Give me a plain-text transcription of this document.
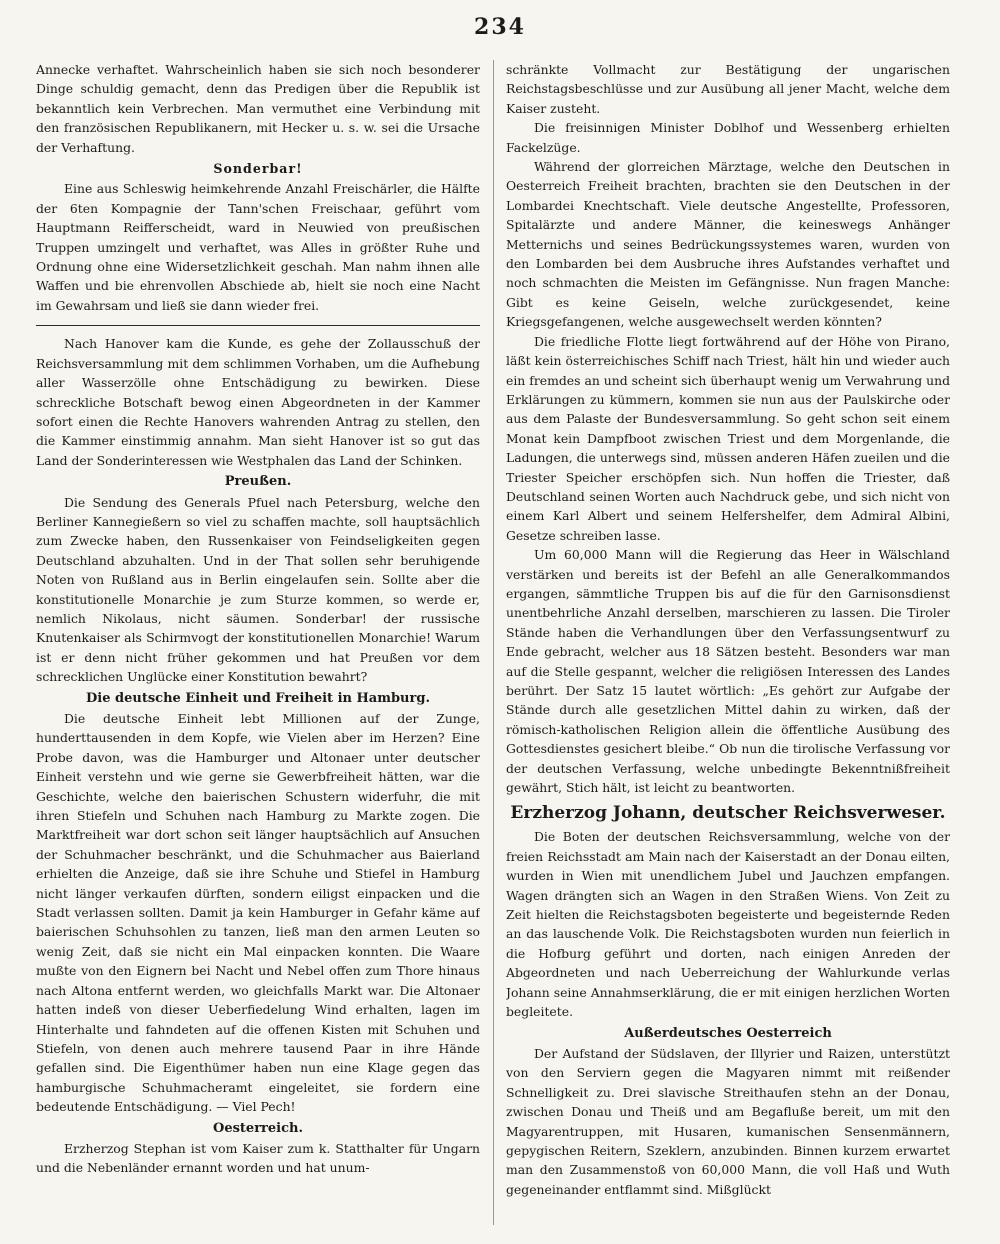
234

Annecke verhaftet. Wahrscheinlich haben sie sich noch besonderer Dinge schuldig gemacht, denn das Predigen über die Republik ist bekanntlich kein Verbrechen. Man vermuthet eine Verbindung mit den französischen Republikanern, mit Hecker u. s. w. sei die Ursache der Verhaftung.

Sonderbar!

Eine aus Schleswig heimkehrende Anzahl Freischärler, die Hälfte der 6ten Kompagnie der Tann'schen Freischaar, geführt vom Hauptmann Reifferscheidt, ward in Neuwied von preußischen Truppen umzingelt und verhaftet, was Alles in größter Ruhe und Ordnung ohne eine Widersetzlichkeit geschah. Man nahm ihnen alle Waffen und bie ehrenvollen Abschiede ab, hielt sie noch eine Nacht im Gewahrsam und ließ sie dann wieder frei.

Nach Hanover kam die Kunde, es gehe der Zollausschuß der Reichsversammlung mit dem schlimmen Vorhaben, um die Aufhebung aller Wasserzölle ohne Entschädigung zu bewirken. Diese schreckliche Botschaft bewog einen Abgeordneten in der Kammer sofort einen die Rechte Hanovers wahrenden Antrag zu stellen, den die Kammer einstimmig annahm. Man sieht Hanover ist so gut das Land der Sonderinteressen wie Westphalen das Land der Schinken.

Preußen.

Die Sendung des Generals Pfuel nach Petersburg, welche den Berliner Kannegießern so viel zu schaffen machte, soll hauptsächlich zum Zwecke haben, den Russenkaiser von Feindseligkeiten gegen Deutschland abzuhalten. Und in der That sollen sehr beruhigende Noten von Rußland aus in Berlin eingelaufen sein. Sollte aber die konstitutionelle Monarchie je zum Sturze kommen, so werde er, nemlich Nikolaus, nicht säumen. Sonderbar! der russische Knutenkaiser als Schirmvogt der konstitutionellen Monarchie! Warum ist er denn nicht früher gekommen und hat Preußen vor dem schrecklichen Unglücke einer Konstitution bewahrt?

Die deutsche Einheit und Freiheit in Hamburg.

Die deutsche Einheit lebt Millionen auf der Zunge, hunderttausenden in dem Kopfe, wie Vielen aber im Herzen? Eine Probe davon, was die Hamburger und Altonaer unter deutscher Einheit verstehn und wie gerne sie Gewerbfreiheit hätten, war die Geschichte, welche den baierischen Schustern widerfuhr, die mit ihren Stiefeln und Schuhen nach Hamburg zu Markte zogen. Die Marktfreiheit war dort schon seit länger hauptsächlich auf Ansuchen der Schuhmacher beschränkt, und die Schuhmacher aus Baierland erhielten die Anzeige, daß sie ihre Schuhe und Stiefel in Hamburg nicht länger verkaufen dürften, sondern eiligst einpacken und die Stadt verlassen sollten. Damit ja kein Hamburger in Gefahr käme auf baierischen Schuhsohlen zu tanzen, ließ man den armen Leuten so wenig Zeit, daß sie nicht ein Mal einpacken konnten. Die Waare mußte von den Eignern bei Nacht und Nebel offen zum Thore hinaus nach Altona entfernt werden, wo gleichfalls Markt war. Die Altonaer hatten indeß von dieser Ueberfiedelung Wind erhalten, lagen im Hinterhalte und fahndeten auf die offenen Kisten mit Schuhen und Stiefeln, von denen auch mehrere tausend Paar in ihre Hände gefallen sind. Die Eigenthümer haben nun eine Klage gegen das hamburgische Schuhmacheramt eingeleitet, sie fordern eine bedeutende Entschädigung. — Viel Pech!

Oesterreich.

Erzherzog Stephan ist vom Kaiser zum k. Statthalter für Ungarn und die Nebenländer ernannt worden und hat unum-

schränkte Vollmacht zur Bestätigung der ungarischen Reichstagsbeschlüsse und zur Ausübung all jener Macht, welche dem Kaiser zusteht.

Die freisinnigen Minister Doblhof und Wessenberg erhielten Fackelzüge.

Während der glorreichen Märztage, welche den Deutschen in Oesterreich Freiheit brachten, brachten sie den Deutschen in der Lombardei Knechtschaft. Viele deutsche Angestellte, Professoren, Spitalärzte und andere Männer, die keineswegs Anhänger Metternichs und seines Bedrückungssystemes waren, wurden von den Lombarden bei dem Ausbruche ihres Aufstandes verhaftet und noch schmachten die Meisten im Gefängnisse. Nun fragen Manche: Gibt es keine Geiseln, welche zurückgesendet, keine Kriegsgefangenen, welche ausgewechselt werden könnten?

Die friedliche Flotte liegt fortwährend auf der Höhe von Pirano, läßt kein österreichisches Schiff nach Triest, hält hin und wieder auch ein fremdes an und scheint sich überhaupt wenig um Verwahrung und Erklärungen zu kümmern, kommen sie nun aus der Paulskirche oder aus dem Palaste der Bundesversammlung. So geht schon seit einem Monat kein Dampfboot zwischen Triest und dem Morgenlande, die Ladungen, die unterwegs sind, müssen anderen Häfen zueilen und die Triester Speicher erschöpfen sich. Nun hoffen die Triester, daß Deutschland seinen Worten auch Nachdruck gebe, und sich nicht von einem Karl Albert und seinem Helfershelfer, dem Admiral Albini, Gesetze schreiben lasse.

Um 60,000 Mann will die Regierung das Heer in Wälschland verstärken und bereits ist der Befehl an alle Generalkommandos ergangen, sämmtliche Truppen bis auf die für den Garnisonsdienst unentbehrliche Anzahl derselben, marschieren zu lassen. Die Tiroler Stände haben die Verhandlungen über den Verfassungsentwurf zu Ende gebracht, welcher aus 18 Sätzen besteht. Besonders war man auf die Stelle gespannt, welcher die religiösen Interessen des Landes berührt. Der Satz 15 lautet wörtlich: „Es gehört zur Aufgabe der Stände durch alle gesetzlichen Mittel dahin zu wirken, daß der römisch-katholischen Religion allein die öffentliche Ausübung des Gottesdienstes gesichert bleibe.“ Ob nun die tirolische Verfassung vor der deutschen Verfassung, welche unbedingte Bekenntnißfreiheit gewährt, Stich hält, ist leicht zu beantworten.

Erzherzog Johann, deutscher Reichsverweser.

Die Boten der deutschen Reichsversammlung, welche von der freien Reichsstadt am Main nach der Kaiserstadt an der Donau eilten, wurden in Wien mit unendlichem Jubel und Jauchzen empfangen. Wagen drängten sich an Wagen in den Straßen Wiens. Von Zeit zu Zeit hielten die Reichstagsboten begeisterte und begeisternde Reden an das lauschende Volk. Die Reichstagsboten wurden nun feierlich in die Hofburg geführt und dorten, nach einigen Anreden der Abgeordneten und nach Ueberreichung der Wahlurkunde verlas Johann seine Annahmserklärung, die er mit einigen herzlichen Worten begleitete.

Außerdeutsches Oesterreich

Der Aufstand der Südslaven, der Illyrier und Raizen, unterstützt von den Serviern gegen die Magyaren nimmt mit reißender Schnelligkeit zu. Drei slavische Streithaufen stehn an der Donau, zwischen Donau und Theiß und am Begafluße bereit, um mit den Magyarentruppen, mit Husaren, kumanischen Sensenmännern, gepygischen Reitern, Szeklern, anzubinden. Binnen kurzem erwartet man den Zusammenstoß von 60,000 Mann, die voll Haß und Wuth gegeneinander entflammt sind. Mißglückt
